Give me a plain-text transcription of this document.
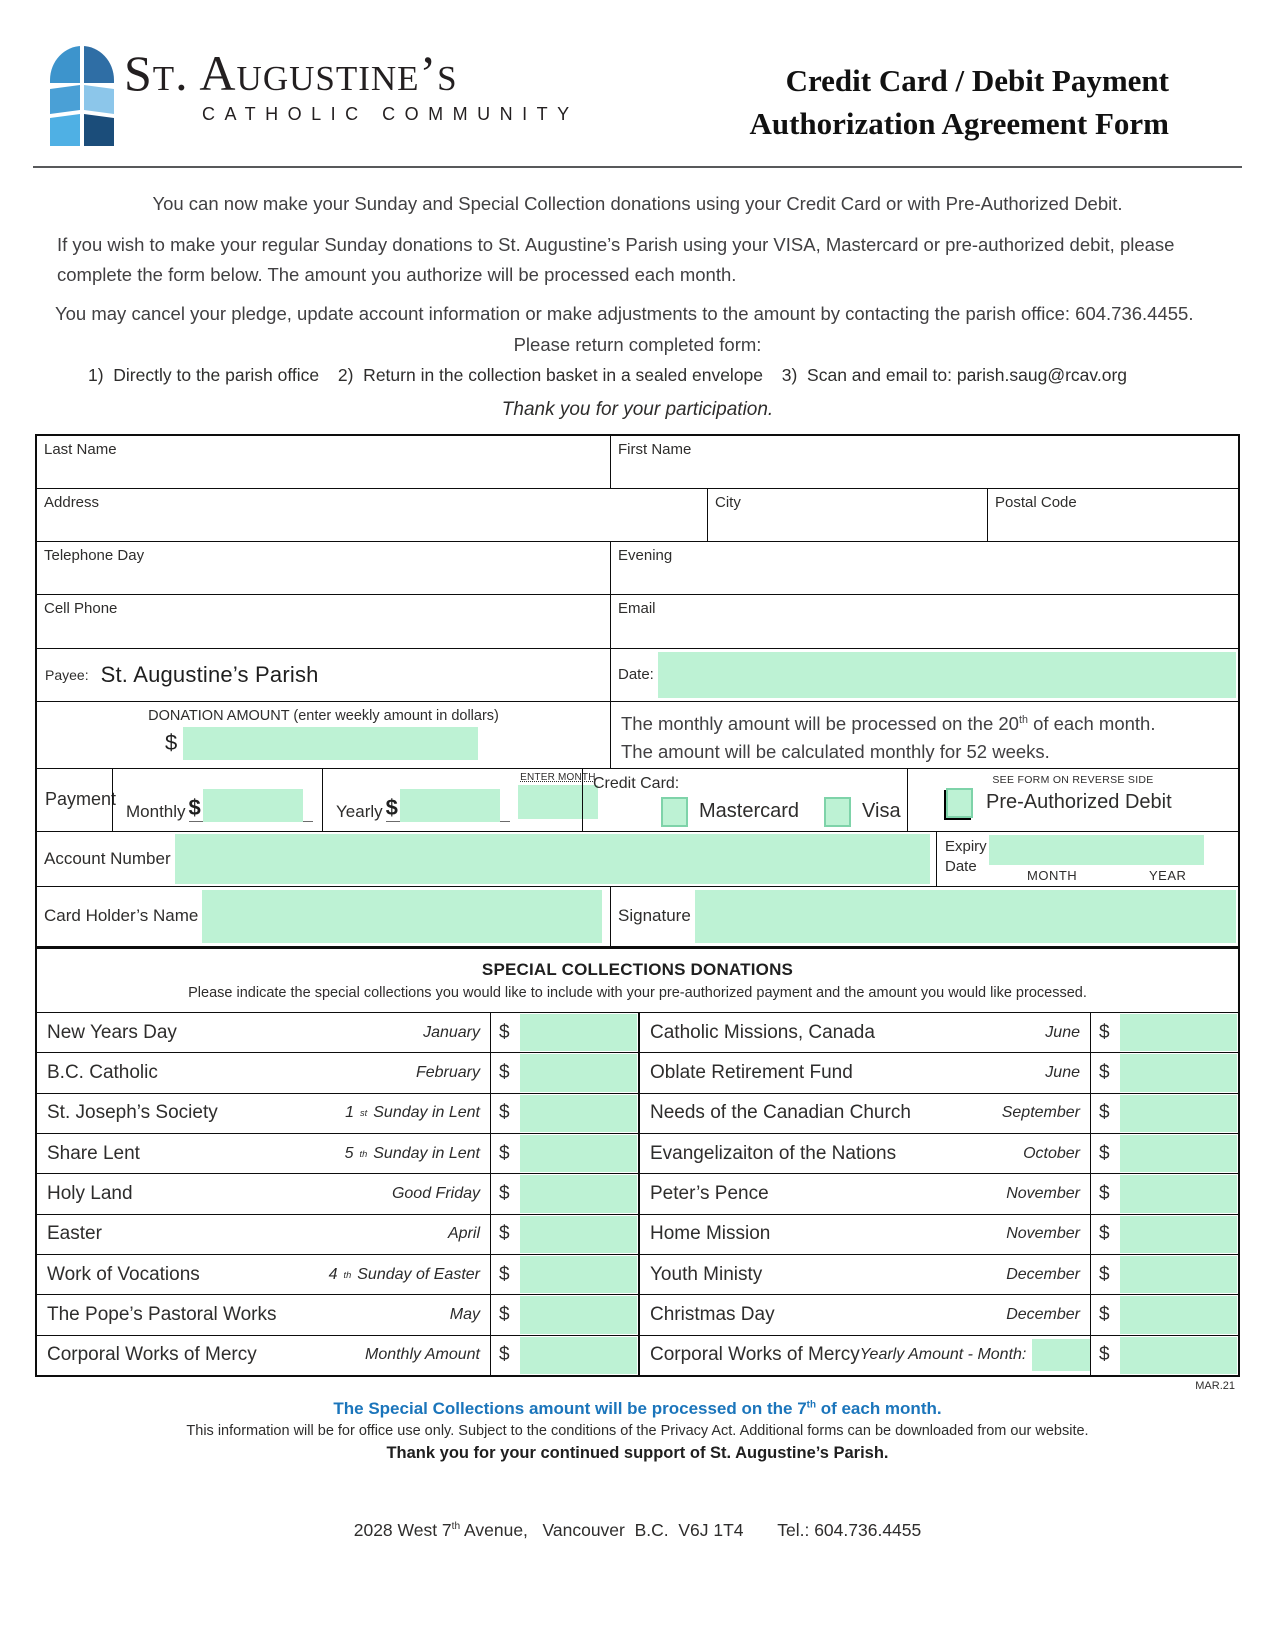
St. Augustine’s
CATHOLIC COMMUNITY
Credit Card / Debit Payment
Authorization Agreement Form
You can now make your Sunday and Special Collection donations using your Credit Card or with Pre-Authorized Debit.
If you wish to make your regular Sunday donations to St. Augustine’s Parish using your VISA, Mastercard or pre-authorized debit, please complete the form below. The amount you authorize will be processed each month.
You may cancel your pledge, update account information or make adjustments to the amount by contacting the parish office: 604.736.4455.
Please return completed form:
1)  Directly to the parish office 2)  Return in the collection basket in a sealed envelope 3)  Scan and email to: parish.saug@rcav.org
Thank you for your participation.
Last Name	First Name
Address	City	Postal Code
Telephone Day	Evening
Cell Phone	Email
Payee: St. Augustine’s Parish	Date:
DONATION AMOUNT (enter weekly amount in dollars)
$
The monthly amount will be processed on the 20th of each month.
The amount will be calculated monthly for 52 weeks.
Payment
Monthly $	Yearly $
ENTER MONTH
Credit Card:
Mastercard	Visa
SEE FORM ON REVERSE SIDE
Pre-Authorized Debit
Account Number
Expiry
Date
MONTH	YEAR
Card Holder’s Name	Signature
SPECIAL COLLECTIONS DONATIONS
Please indicate the special collections you would like to include with your pre-authorized payment and the amount you would like processed.
New Years Day	January	$	Catholic Missions, Canada	June	$
B.C. Catholic	February	$	Oblate Retirement Fund	June	$
St. Joseph’s Society	1 st Sunday in Lent	$	Needs of the Canadian Church	September	$
Share Lent	5 th Sunday in Lent	$	Evangelizaiton of the Nations	October	$
Holy Land	Good Friday	$	Peter’s Pence	November	$
Easter	April	$	Home Mission	November	$
Work of Vocations	4 th Sunday of Easter	$	Youth Ministy	December	$
The Pope’s Pastoral Works	May	$	Christmas Day	December	$
Corporal Works of Mercy	Monthly Amount	$	Corporal Works of Mercy Yearly Amount - Month:	$
MAR.21
The Special Collections amount will be processed on the 7th of each month.
This information will be for office use only. Subject to the conditions of the Privacy Act. Additional forms can be downloaded from our website.
Thank you for your continued support of St. Augustine’s Parish.
2028 West 7th Avenue,   Vancouver  B.C.  V6J 1T4       Tel.: 604.736.4455
